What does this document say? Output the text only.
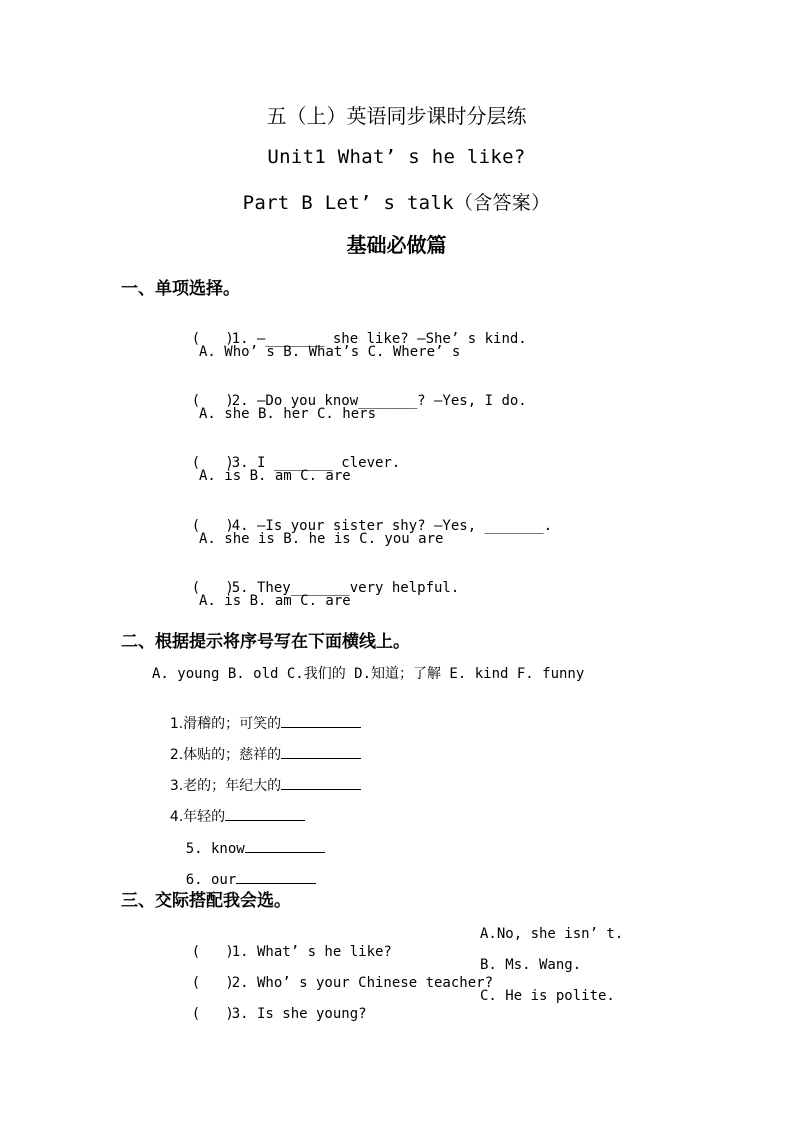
五（上）英语同步课时分层练
Unit1 What’ s he like?
Part B Let’ s talk（含答案）
基础必做篇
一、单项选择。

(   )1. —_______ she like? —She’ s kind.

A. Who’ s B. What’s C. Where’ s

(   )2. —Do you know_______? —Yes, I do.

A. she B. her C. hers

(   )3. I _______ clever.

A. is B. am C. are

(   )4. —Is your sister shy? —Yes, _______.

A. she is B. he is C. you are

(   )5. They_______very helpful.

A. is B. am C. are
二、根据提示将序号写在下面横线上。
A. young B. old C.我们的 D.知道；了解 E. kind F. funny

1.滑稽的；可笑的

2.体贴的；慈祥的

3.老的；年纪大的

4.年轻的

5. know

6. our

三、交际搭配我会选。

(   )1. What’ s he like?

A.No, she isn’ t.

(   )2. Who’ s your Chinese teacher?

B. Ms. Wang.

(   )3. Is she young?

C. He is polite.
